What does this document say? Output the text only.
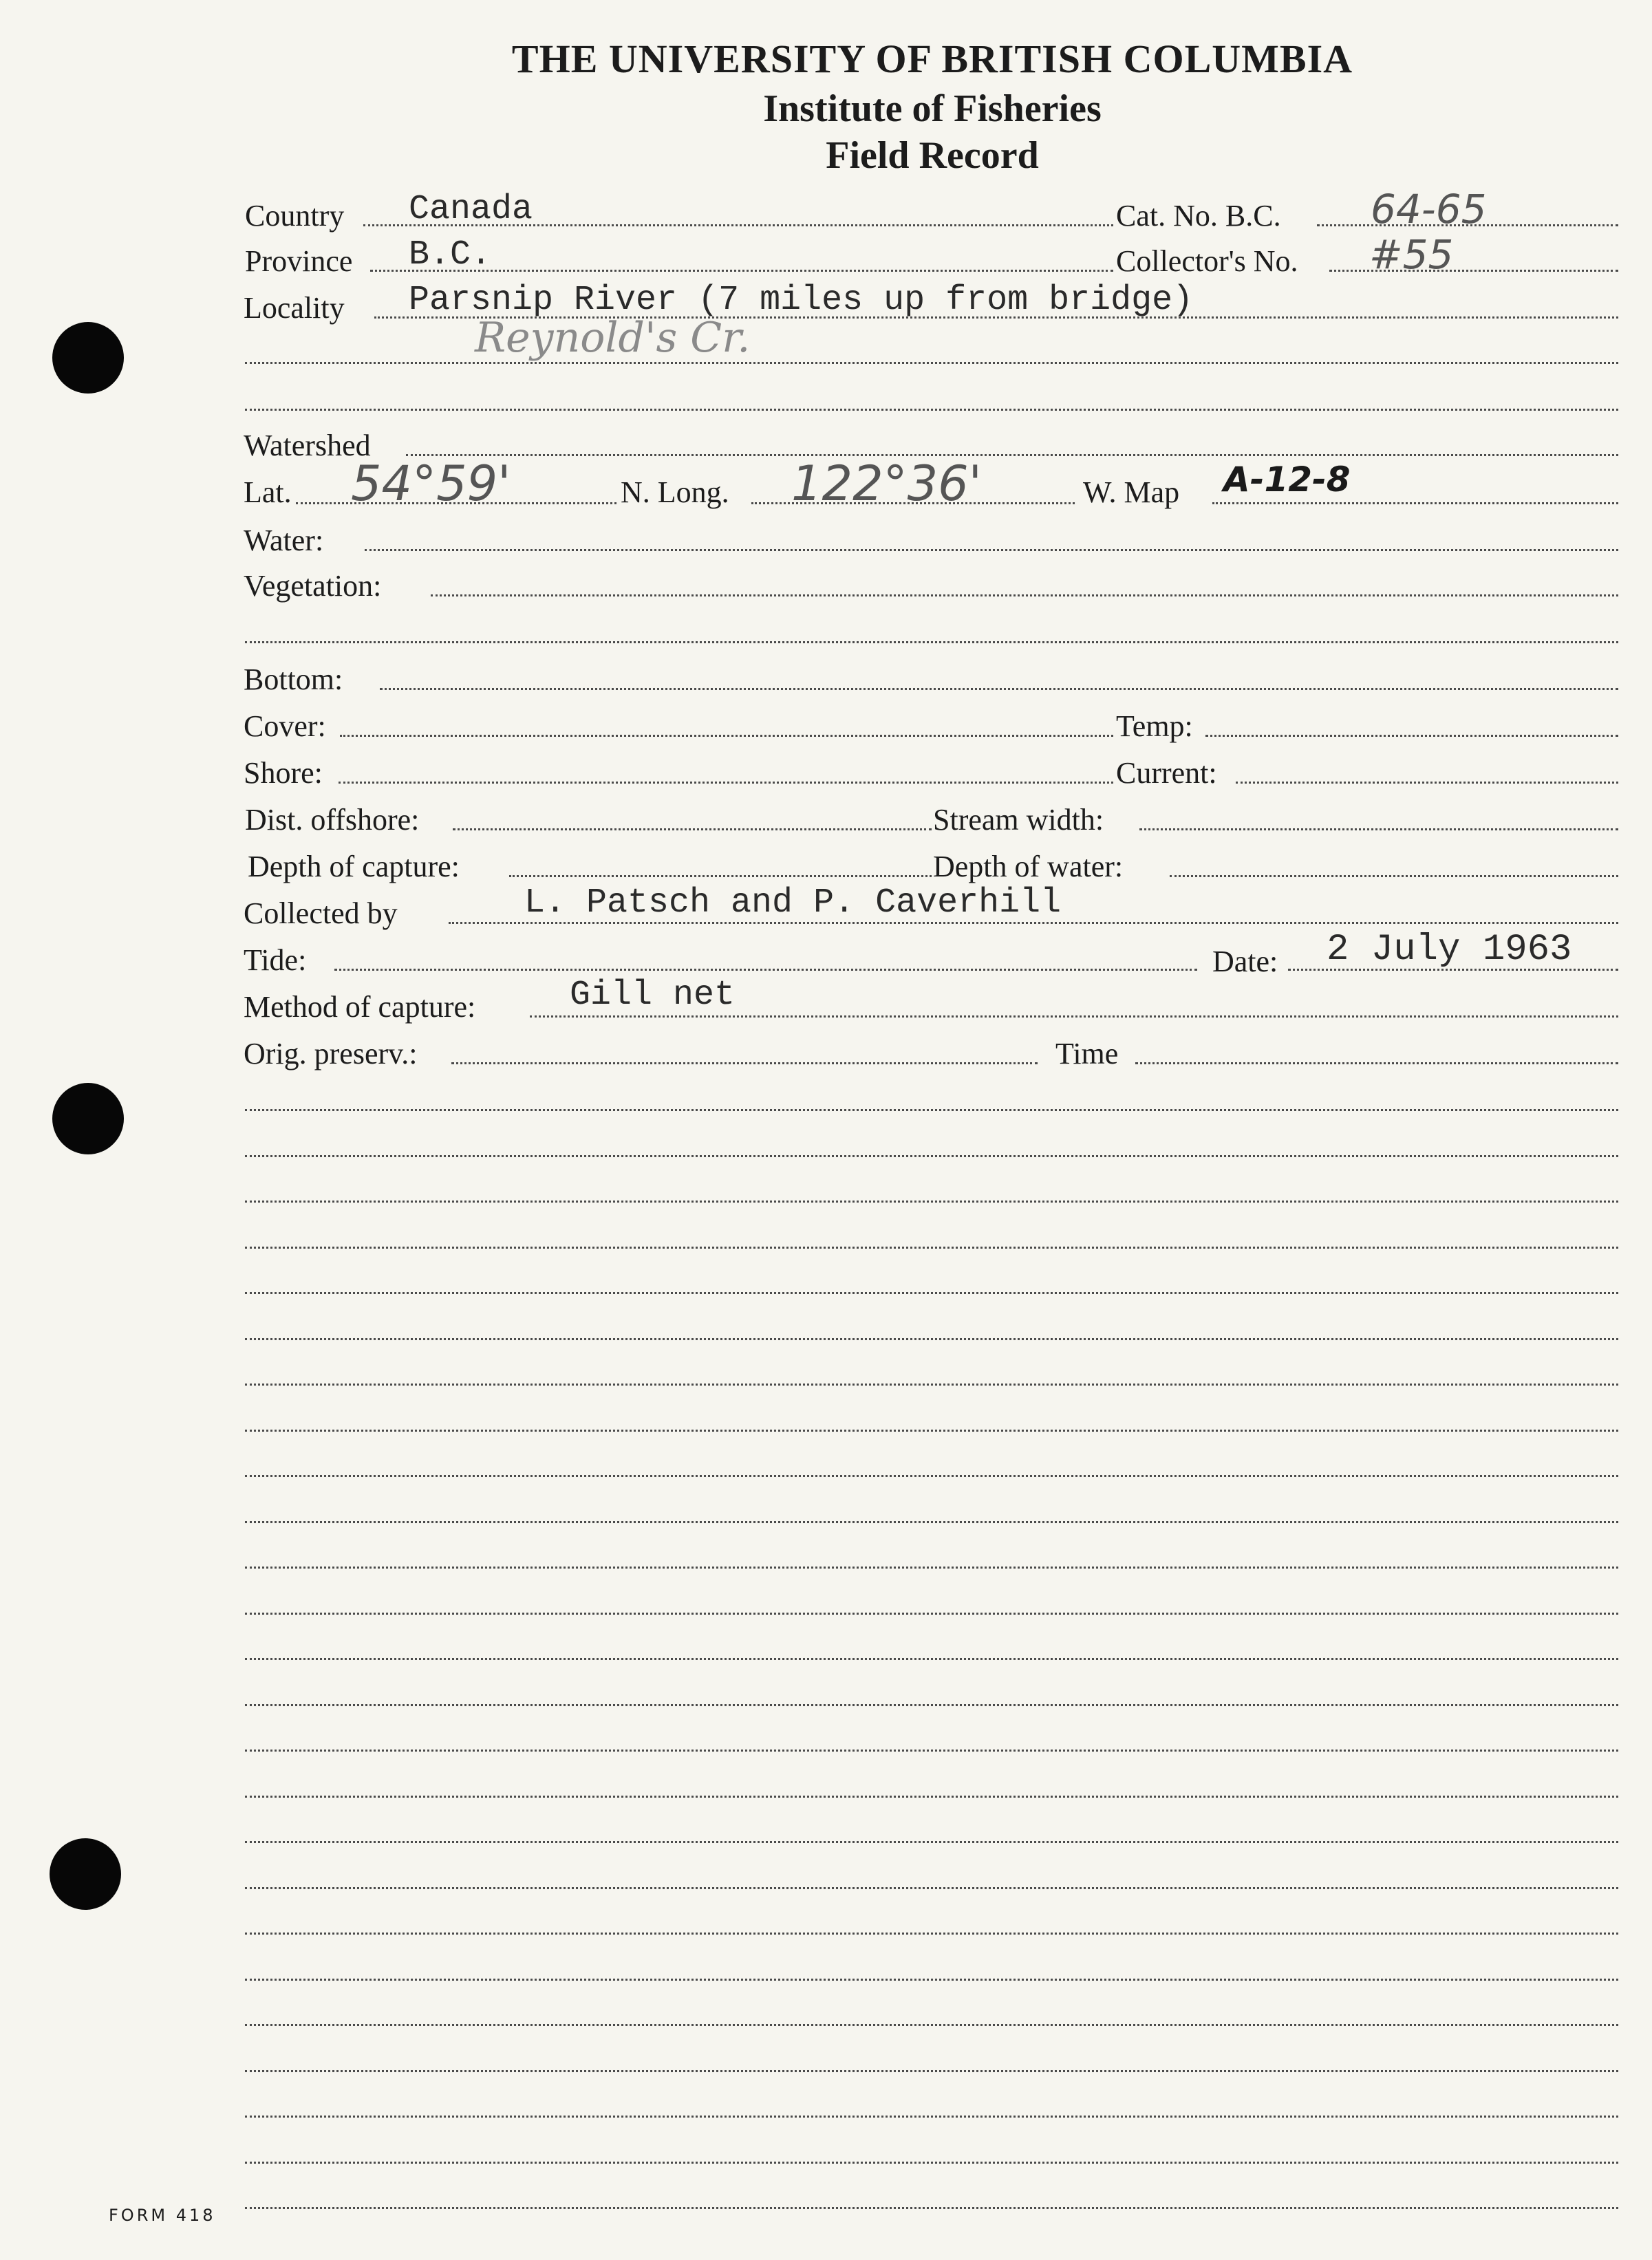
THE UNIVERSITY OF BRITISH COLUMBIA
Institute of Fisheries
Field Record
Country Canada	Cat. No. B.C. 64-65
Province B.C.	Collector's No. #55
Locality Parsnip River (7 miles up from bridge)
Reynold's Cr.
Watershed
Lat. 54°59'	N. Long. 122°36'	W. Map A-12-8
Water:
Vegetation:
Bottom:
Cover:	Temp:
Shore:	Current:
Dist. offshore:	Stream width:
Depth of capture:	Depth of water:
Collected by	L. Patsch and P. Caverhill
Tide:	Date: 2 July 1963
Method of capture:	Gill net
Orig. preserv.:	Time
FORM 418
